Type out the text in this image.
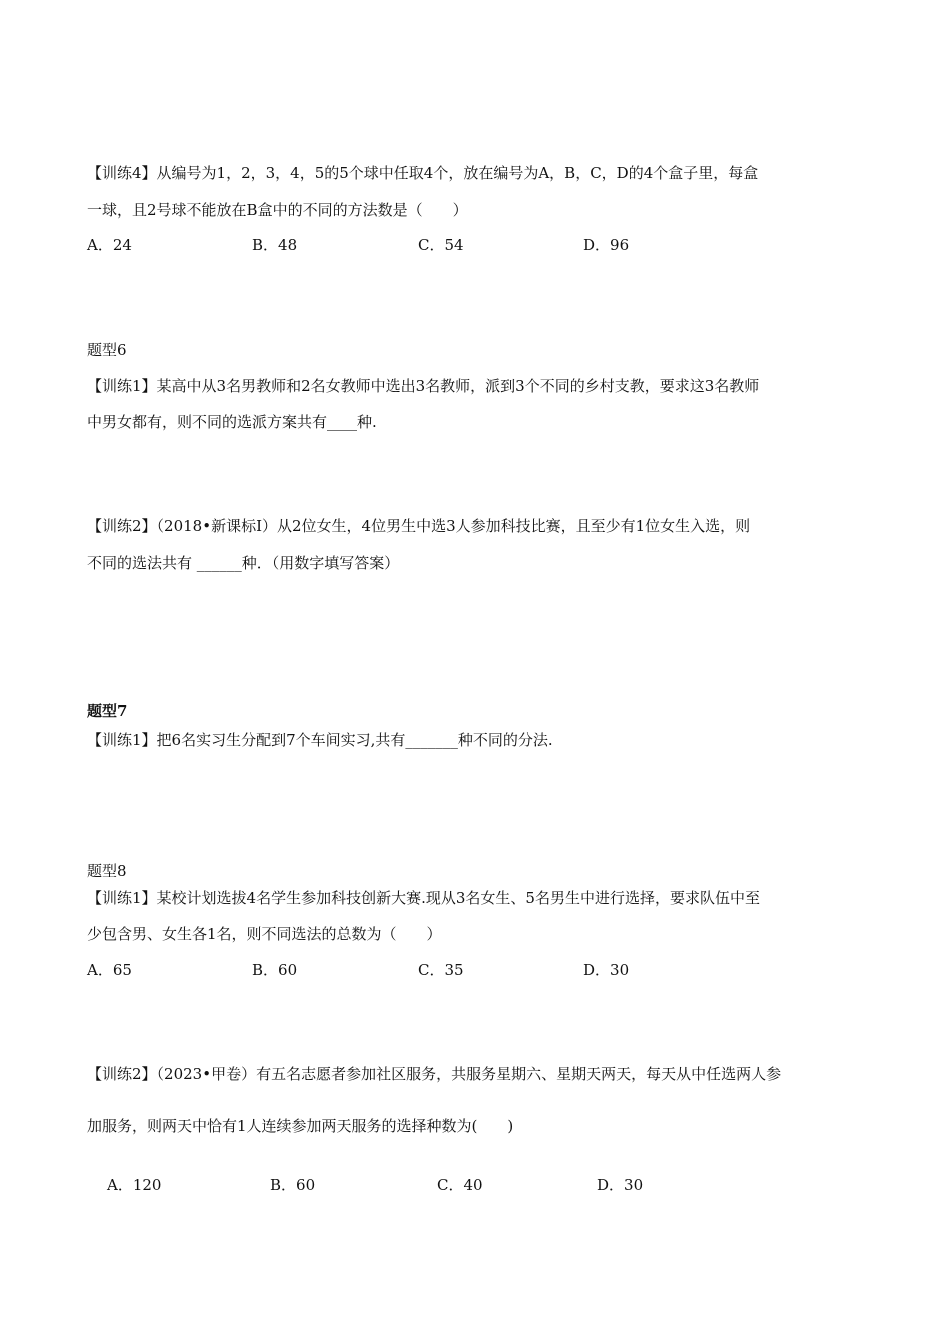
【训练4】从编号为1，2，3，4，5的5个球中任取4个，放在编号为A，B，C，D的4个盒子里，每盒
一球，且2号球不能放在B盒中的不同的方法数是（　　）
A．24	B．48	C．54	D．96
题型6
【训练1】某高中从3名男教师和2名女教师中选出3名教师，派到3个不同的乡村支教，要求这3名教师
中男女都有，则不同的选派方案共有____种.
【训练2】（2018•新课标Ⅰ）从2位女生，4位男生中选3人参加科技比赛，且至少有1位女生入选，则
不同的选法共有 ______种．（用数字填写答案）
题型7
【训练1】把6名实习生分配到7个车间实习,共有_______种不同的分法.
题型8
【训练1】某校计划选拔4名学生参加科技创新大赛.现从3名女生、5名男生中进行选择，要求队伍中至
少包含男、女生各1名，则不同选法的总数为（　　）
A．65	B．60	C．35	D．30
【训练2】（2023•甲卷）有五名志愿者参加社区服务，共服务星期六、星期天两天，每天从中任选两人参
加服务，则两天中恰有1人连续参加两天服务的选择种数为(　　)
A．120	B．60	C．40	D．30
